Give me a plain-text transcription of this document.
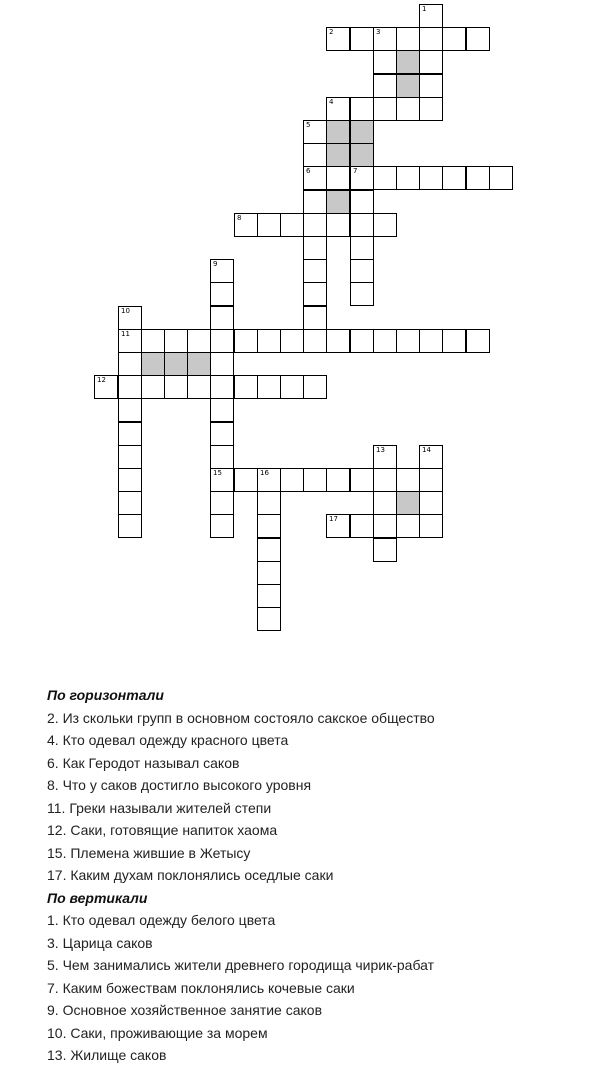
1
2	3
4
5
6	7
8
9
15
10
11
12
13	14
16
17
По горизонтали
2. Из скольки групп в основном состояло сакское общество
4. Кто одевал одежду красного цвета
6. Как Геродот называл саков
8. Что у саков достигло высокого уровня
11. Греки называли жителей степи
12. Саки, готовящие напиток хаома
15. Племена жившие в Жетысу
17. Каким духам поклонялись оседлые саки
По вертикали
1. Кто одевал одежду белого цвета
3. Царица саков
5. Чем занимались жители древнего городища чирик-рабат
7. Каким божествам поклонялись кочевые саки
9. Основное хозяйственное занятие саков
10. Саки, проживающие за морем
13. Жилище саков
